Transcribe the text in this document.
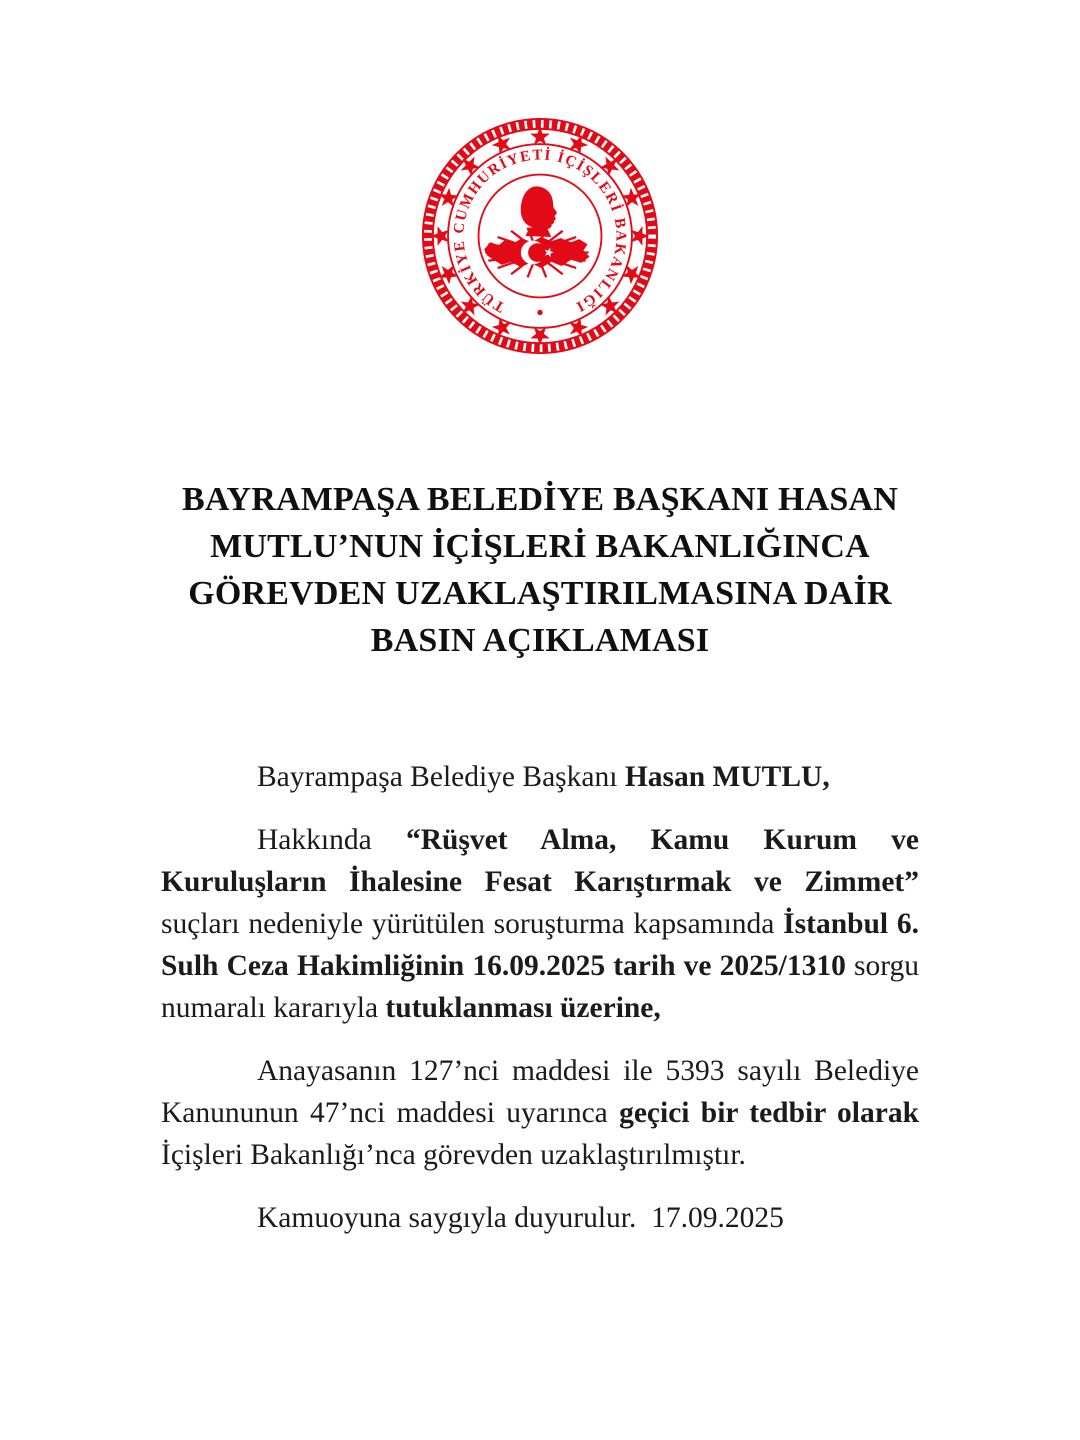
TÜRKİYE CUMHURİYETİ İÇİŞLERİ BAKANLIĞI
BAYRAMPAŞA BELEDİYE BAŞKANI HASAN
MUTLU’NUN İÇİŞLERİ BAKANLIĞINCA
GÖREVDEN UZAKLAŞTIRILMASINA DAİR
BASIN AÇIKLAMASI

Bayrampaşa Belediye Başkanı Hasan MUTLU,

Hakkında “Rüşvet Alma, Kamu Kurum ve Kuruluşların İhalesine Fesat Karıştırmak ve Zimmet” suçları nedeniyle yürütülen soruşturma kapsamında İstanbul 6. Sulh Ceza Hakimliğinin 16.09.2025 tarih ve 2025/1310 sorgu numaralı kararıyla tutuklanması üzerine,

Anayasanın 127’nci maddesi ile 5393 sayılı Belediye Kanununun 47’nci maddesi uyarınca geçici bir tedbir olarak İçişleri Bakanlığı’nca görevden uzaklaştırılmıştır.

Kamuoyuna saygıyla duyurulur.  17.09.2025
